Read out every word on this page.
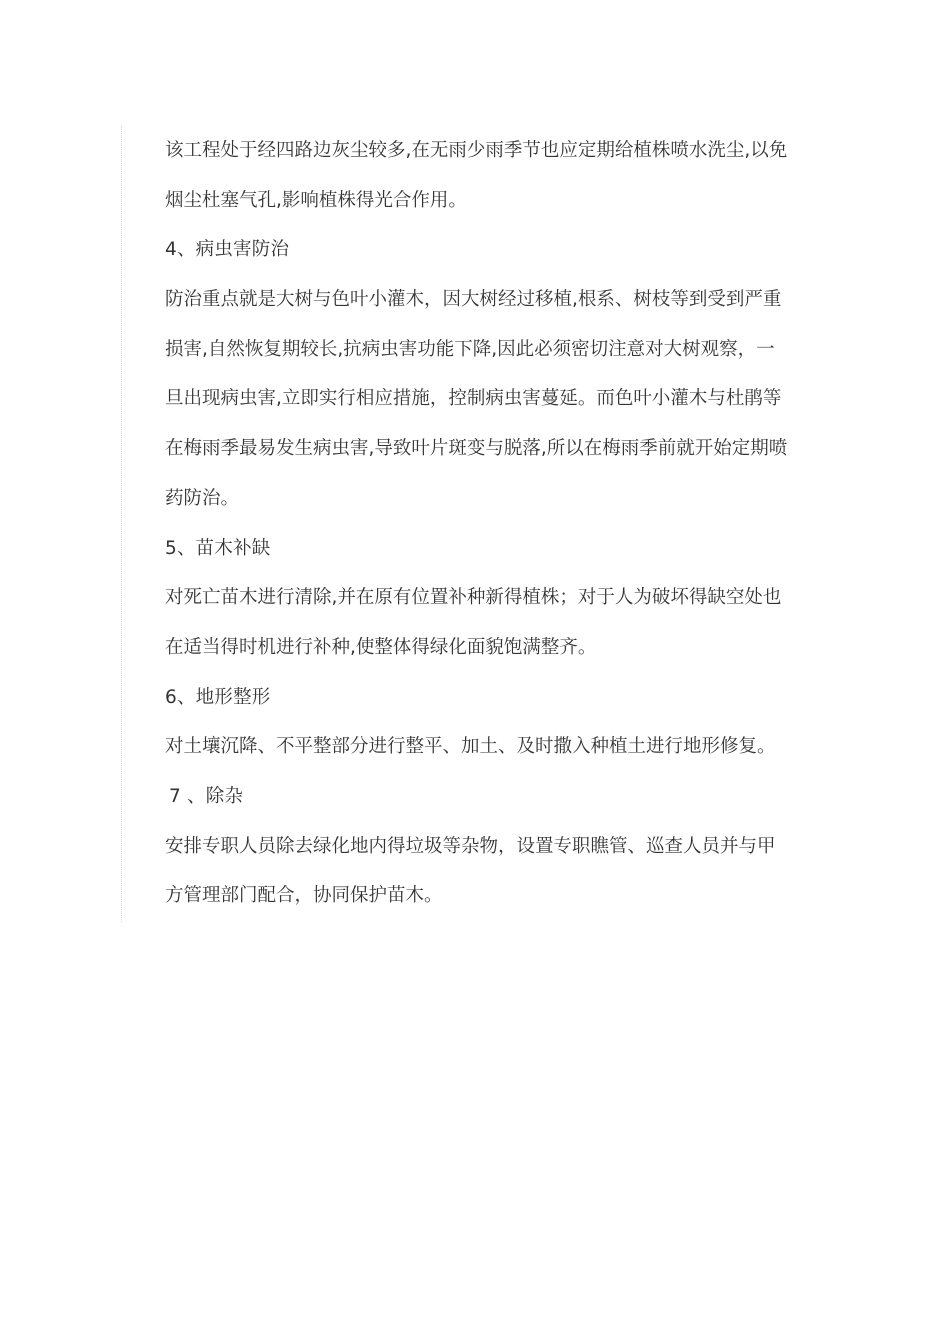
该工程处于经四路边灰尘较多,在无雨少雨季节也应定期给植株喷水洗尘,以免
烟尘杜塞气孔,影响植株得光合作用。
4、病虫害防治
防治重点就是大树与色叶小灌木，因大树经过移植,根系、树枝等到受到严重
损害,自然恢复期较长,抗病虫害功能下降,因此必须密切注意对大树观察，一
旦出现病虫害,立即实行相应措施，控制病虫害蔓延。而色叶小灌木与杜鹃等
在梅雨季最易发生病虫害,导致叶片斑变与脱落,所以在梅雨季前就开始定期喷
药防治。
5、苗木补缺
对死亡苗木进行清除,并在原有位置补种新得植株；对于人为破坏得缺空处也
在适当得时机进行补种,使整体得绿化面貌饱满整齐。
6、地形整形
对土壤沉降、不平整部分进行整平、加土、及时撒入种植土进行地形修复。
7 、除杂
安排专职人员除去绿化地内得垃圾等杂物，设置专职瞧管、巡查人员并与甲
方管理部门配合，协同保护苗木。
